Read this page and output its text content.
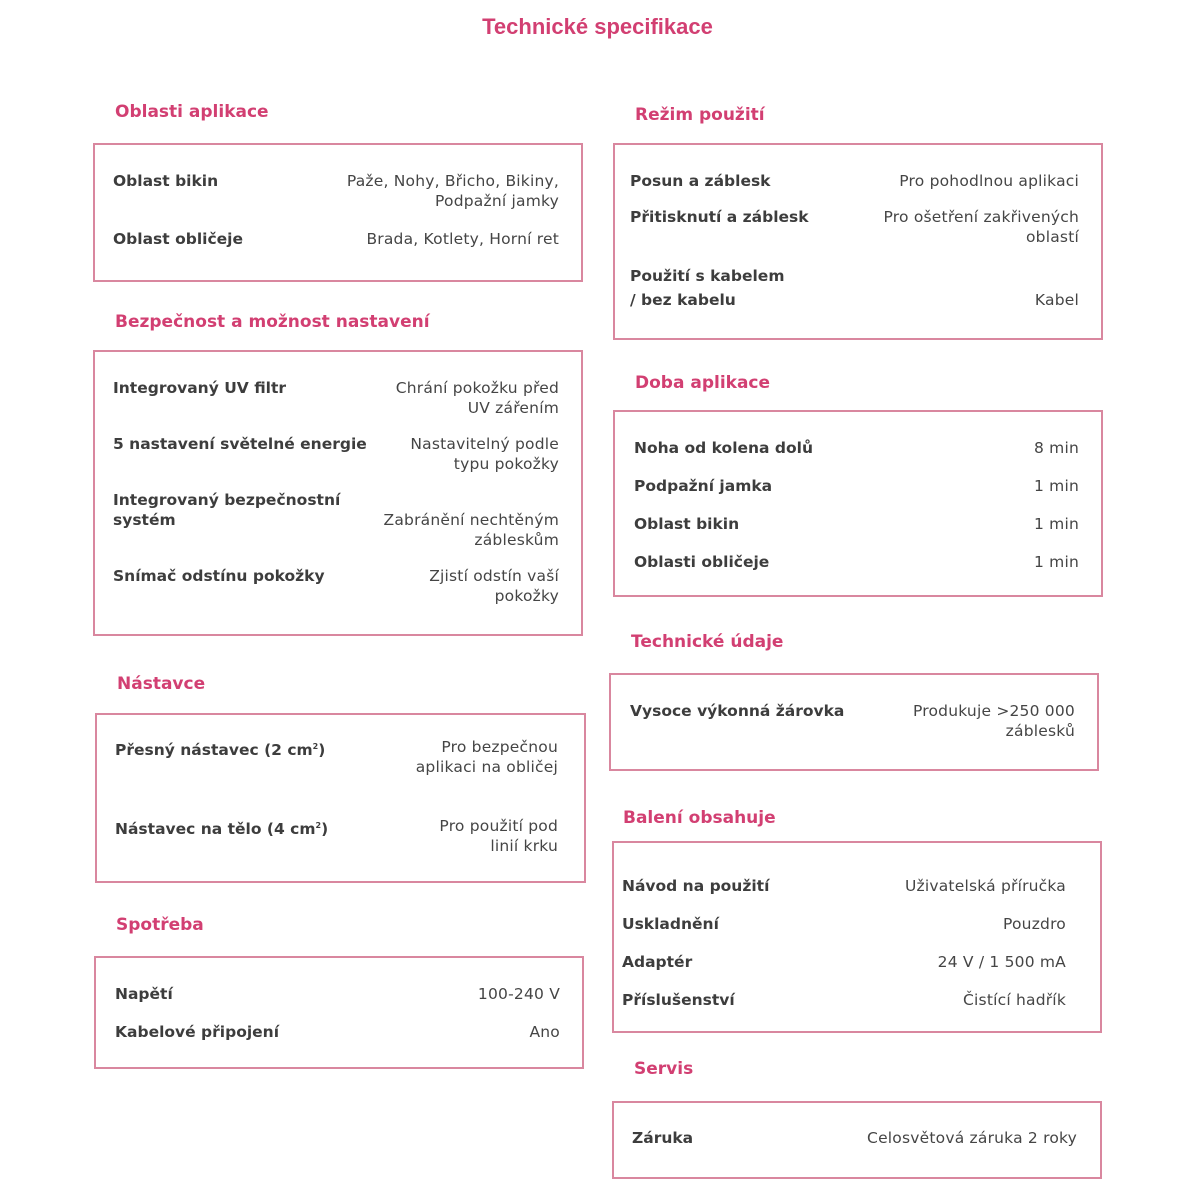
Technické specifikace
Oblasti aplikace
Oblast bikin	Paže, Nohy, Břicho, Bikiny,
Podpažní jamky
Oblast obličeje	Brada, Kotlety, Horní ret
Bezpečnost a možnost nastavení
Integrovaný UV filtr	Chrání pokožku před
UV zářením
5 nastavení světelné energie	Nastavitelný podle
typu pokožky
Integrovaný bezpečnostní
systém	Zabránění nechtěným
zábleskům
Snímač odstínu pokožky	Zjistí odstín vaší
pokožky
Nástavce
Přesný nástavec (2 $cm^2$)	Pro bezpečnou
aplikaci na obličej
Nástavec na tělo (4 $cm^2$)	Pro použití pod
linií krku
Spotřeba
Napětí	100-240 V
Kabelové připojení	Ano
Režim použití
Posun a záblesk	Pro pohodlnou aplikaci
Přitisknutí a záblesk	Pro ošetření zakřivených
oblastí
Použití s kabelem
/ bez kabelu	Kabel
Doba aplikace
Noha od kolena dolů	8 min
Podpažní jamka	1 min
Oblast bikin	1 min
Oblasti obličeje	1 min
Technické údaje
Vysoce výkonná žárovka	Produkuje >250 000
záblesků
Balení obsahuje
Návod na použití	Uživatelská příručka
Uskladnění	Pouzdro
Adaptér	24 V / 1 500 mA
Příslušenství	Čistící hadřík
Servis
Záruka	Celosvětová záruka 2 roky
